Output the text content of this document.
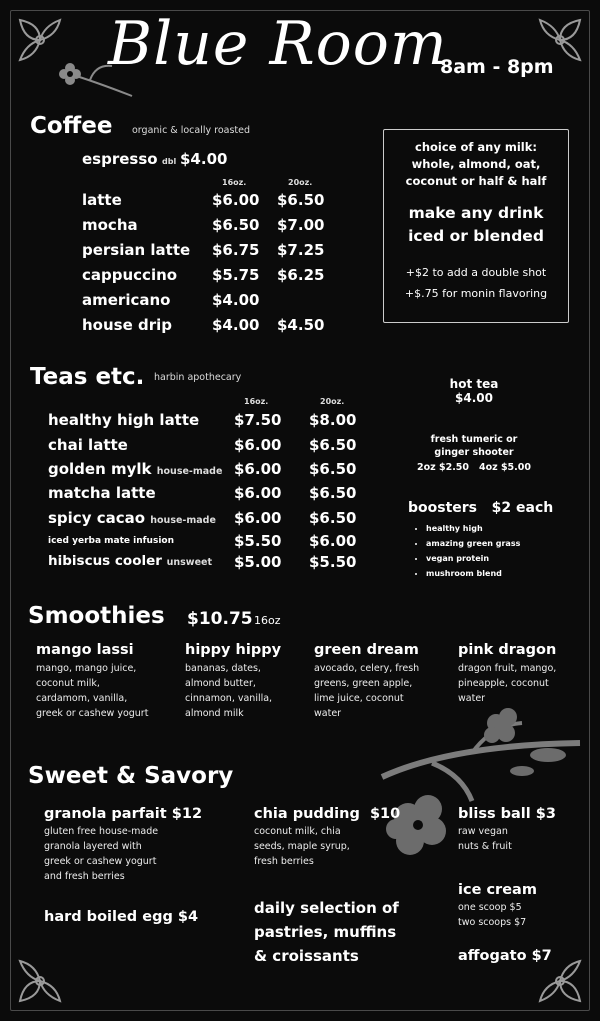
Blue Room
8am - 8pm
Coffee organic & locally roasted
espresso dbl $4.00
16oz.	20oz.
latte	$6.00 $6.50
mocha	$6.50 $7.00
persian latte $6.75 $7.25
cappuccino $5.75 $6.25
americano	$4.00
house drip	$4.00 $4.50
choice of any milk:
whole, almond, oat,
coconut or half & half
make any drink
iced or blended
+$2 to add a double shot
+$.75 for monin flavoring
Teas etc. harbin apothecary
16oz.	20oz.
healthy high latte $7.50 $8.00
chai latte	$6.00 $6.50
golden mylk house-made $6.00 $6.50
matcha latte	$6.00 $6.50
spicy cacao house-made $6.00 $6.50
iced yerba mate infusion	$5.50 $6.00
hibiscus cooler unsweet $5.00 $5.50
hot tea
$4.00
fresh tumeric or
ginger shooter
2oz $2.50 4oz $5.00
boosters $2 each
• healthy high
• amazing green grass
• vegan protein
• mushroom blend
Smoothies $10.75 16oz
mango lassi
mango, mango juice,
coconut milk,
cardamom, vanilla,
greek or cashew yogurt
hippy hippy
bananas, dates,
almond butter,
cinnamon, vanilla,
almond milk
green dream
avocado, celery, fresh
greens, green apple,
lime juice, coconut
water
pink dragon
dragon fruit, mango,
pineapple, coconut
water
Sweet & Savory
granola parfait $12
gluten free house-made
granola layered with
greek or cashew yogurt
and fresh berries
hard boiled egg $4
chia pudding $10
coconut milk, chia
seeds, maple syrup,
fresh berries
daily selection of
pastries, muffins
& croissants
bliss ball $3
raw vegan
nuts & fruit
ice cream
one scoop $5
two scoops $7
affogato $7
